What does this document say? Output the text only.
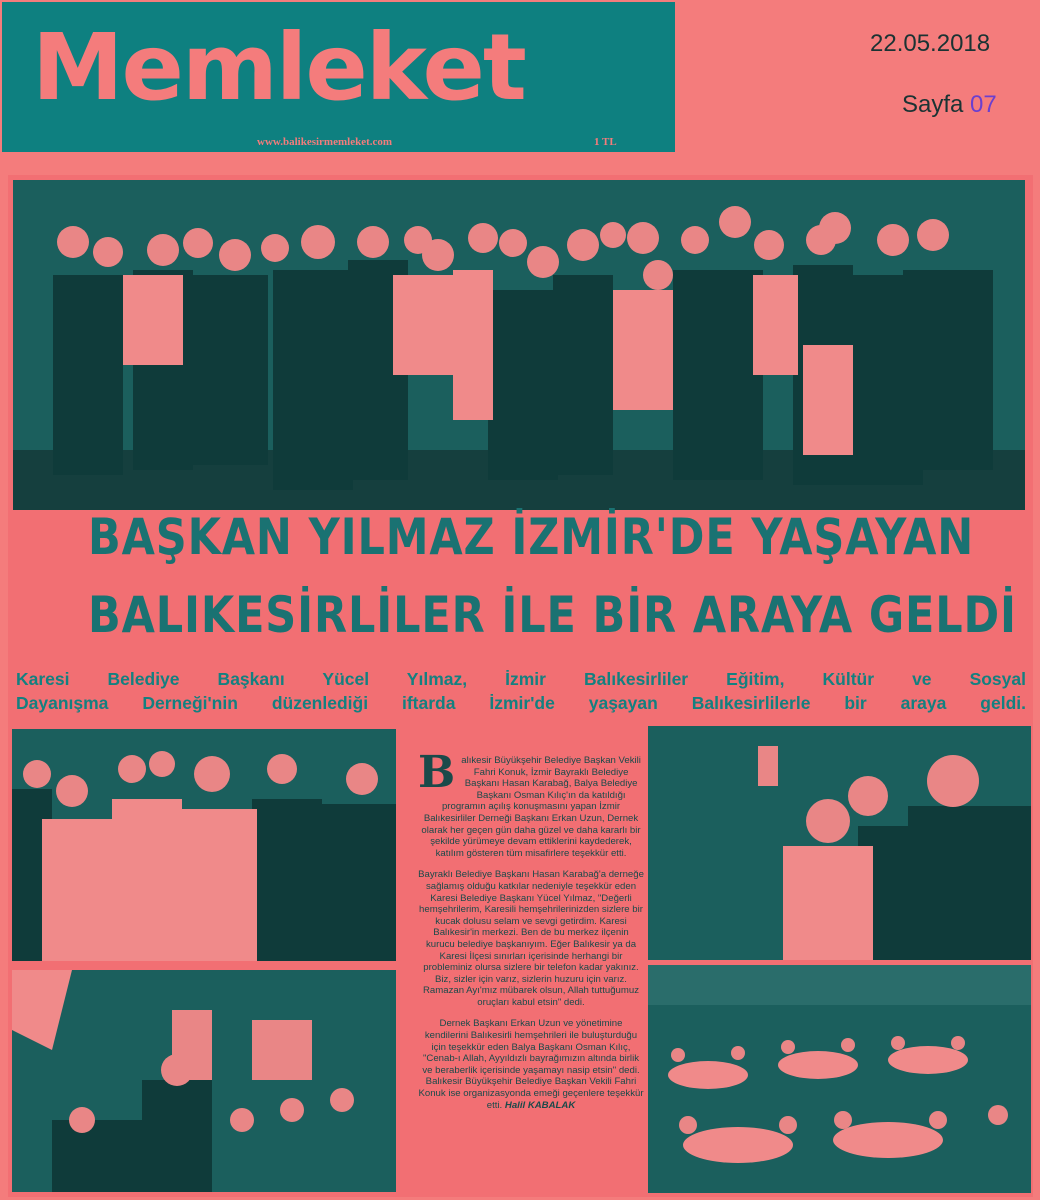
Memleket
www.balikesirmemleket.com	1 TL
22.05.2018
Sayfa 07
BAŞKAN YILMAZ İZMİR'DE YAŞAYAN
BALIKESİRLİLER İLE BİR ARAYA GELDİ
Karesi Belediye Başkanı Yücel Yılmaz, İzmir Balıkesirliler Eğitim, Kültür ve Sosyal
Dayanışma Derneği'nin düzenlediği iftarda İzmir'de yaşayan Balıkesirlilerle bir araya geldi.

Balıkesir Büyükşehir Belediye Başkan Vekili Fahri Konuk, İzmir Bayraklı Belediye Başkanı Hasan Karabağ, Balya Belediye Başkanı Osman Kılıç'ın da katıldığı programın açılış konuşmasını yapan İzmir Balıkesirliler Derneği Başkanı Erkan Uzun, Dernek olarak her geçen gün daha güzel ve daha kararlı bir şekilde yürümeye devam ettiklerini kaydederek, katılım gösteren tüm misafirlere teşekkür etti.

Bayraklı Belediye Başkanı Hasan Karabağ'a derneğe sağlamış olduğu katkılar nedeniyle teşekkür eden Karesi Belediye Başkanı Yücel Yılmaz, "Değerli hemşehrilerim, Karesili hemşehrilerinizden sizlere bir kucak dolusu selam ve sevgi getirdim. Karesi Balıkesir'in merkezi. Ben de bu merkez ilçenin kurucu belediye başkanıyım. Eğer Balıkesir ya da Karesi İlçesi sınırları içerisinde herhangi bir probleminiz olursa sizlere bir telefon kadar yakınız. Biz, sizler için varız, sizlerin huzuru için varız. Ramazan Ayı'mız mübarek olsun, Allah tuttuğumuz oruçları kabul etsin" dedi.

Dernek Başkanı Erkan Uzun ve yönetimine kendilerini Balıkesirli hemşehrileri ile buluşturduğu için teşekkür eden Balya Başkanı Osman Kılıç, "Cenab-ı Allah, Ayyıldızlı bayrağımızın altında birlik ve beraberlik içerisinde yaşamayı nasip etsin" dedi. Balıkesir Büyükşehir Belediye Başkan Vekili Fahri Konuk ise organizasyonda emeği geçenlere teşekkür etti. Halil KABALAK
